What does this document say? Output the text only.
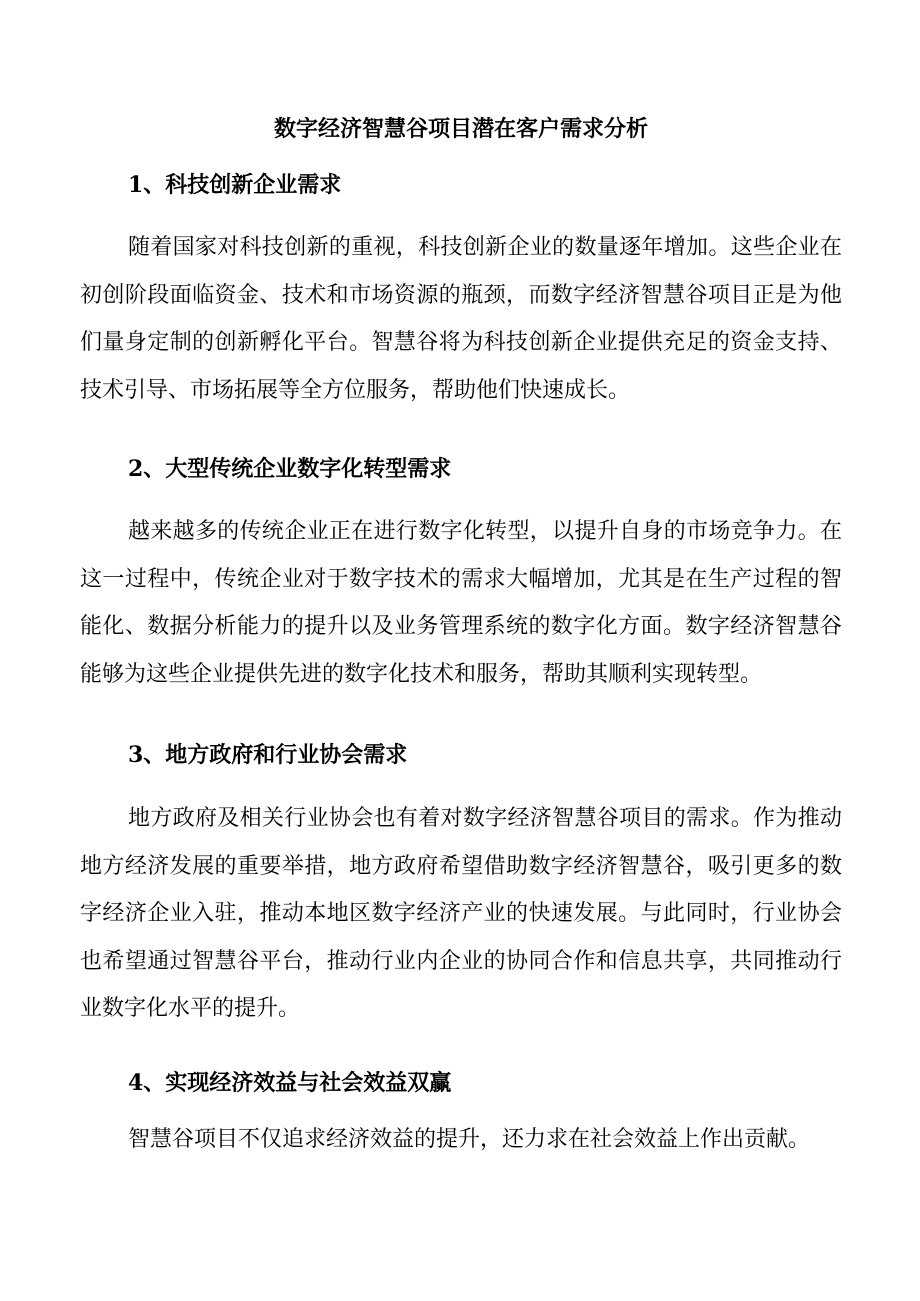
数字经济智慧谷项目潜在客户需求分析
1、科技创新企业需求

随着国家对科技创新的重视，科技创新企业的数量逐年增加。这些企业在初创阶段面临资金、技术和市场资源的瓶颈，而数字经济智慧谷项目正是为他们量身定制的创新孵化平台。智慧谷将为科技创新企业提供充足的资金支持、技术引导、市场拓展等全方位服务，帮助他们快速成长。

2、大型传统企业数字化转型需求

越来越多的传统企业正在进行数字化转型，以提升自身的市场竞争力。在这一过程中，传统企业对于数字技术的需求大幅增加，尤其是在生产过程的智能化、数据分析能力的提升以及业务管理系统的数字化方面。数字经济智慧谷能够为这些企业提供先进的数字化技术和服务，帮助其顺利实现转型。

3、地方政府和行业协会需求

地方政府及相关行业协会也有着对数字经济智慧谷项目的需求。作为推动地方经济发展的重要举措，地方政府希望借助数字经济智慧谷，吸引更多的数字经济企业入驻，推动本地区数字经济产业的快速发展。与此同时，行业协会也希望通过智慧谷平台，推动行业内企业的协同合作和信息共享，共同推动行业数字化水平的提升。

4、实现经济效益与社会效益双赢

智慧谷项目不仅追求经济效益的提升，还力求在社会效益上作出贡献。
